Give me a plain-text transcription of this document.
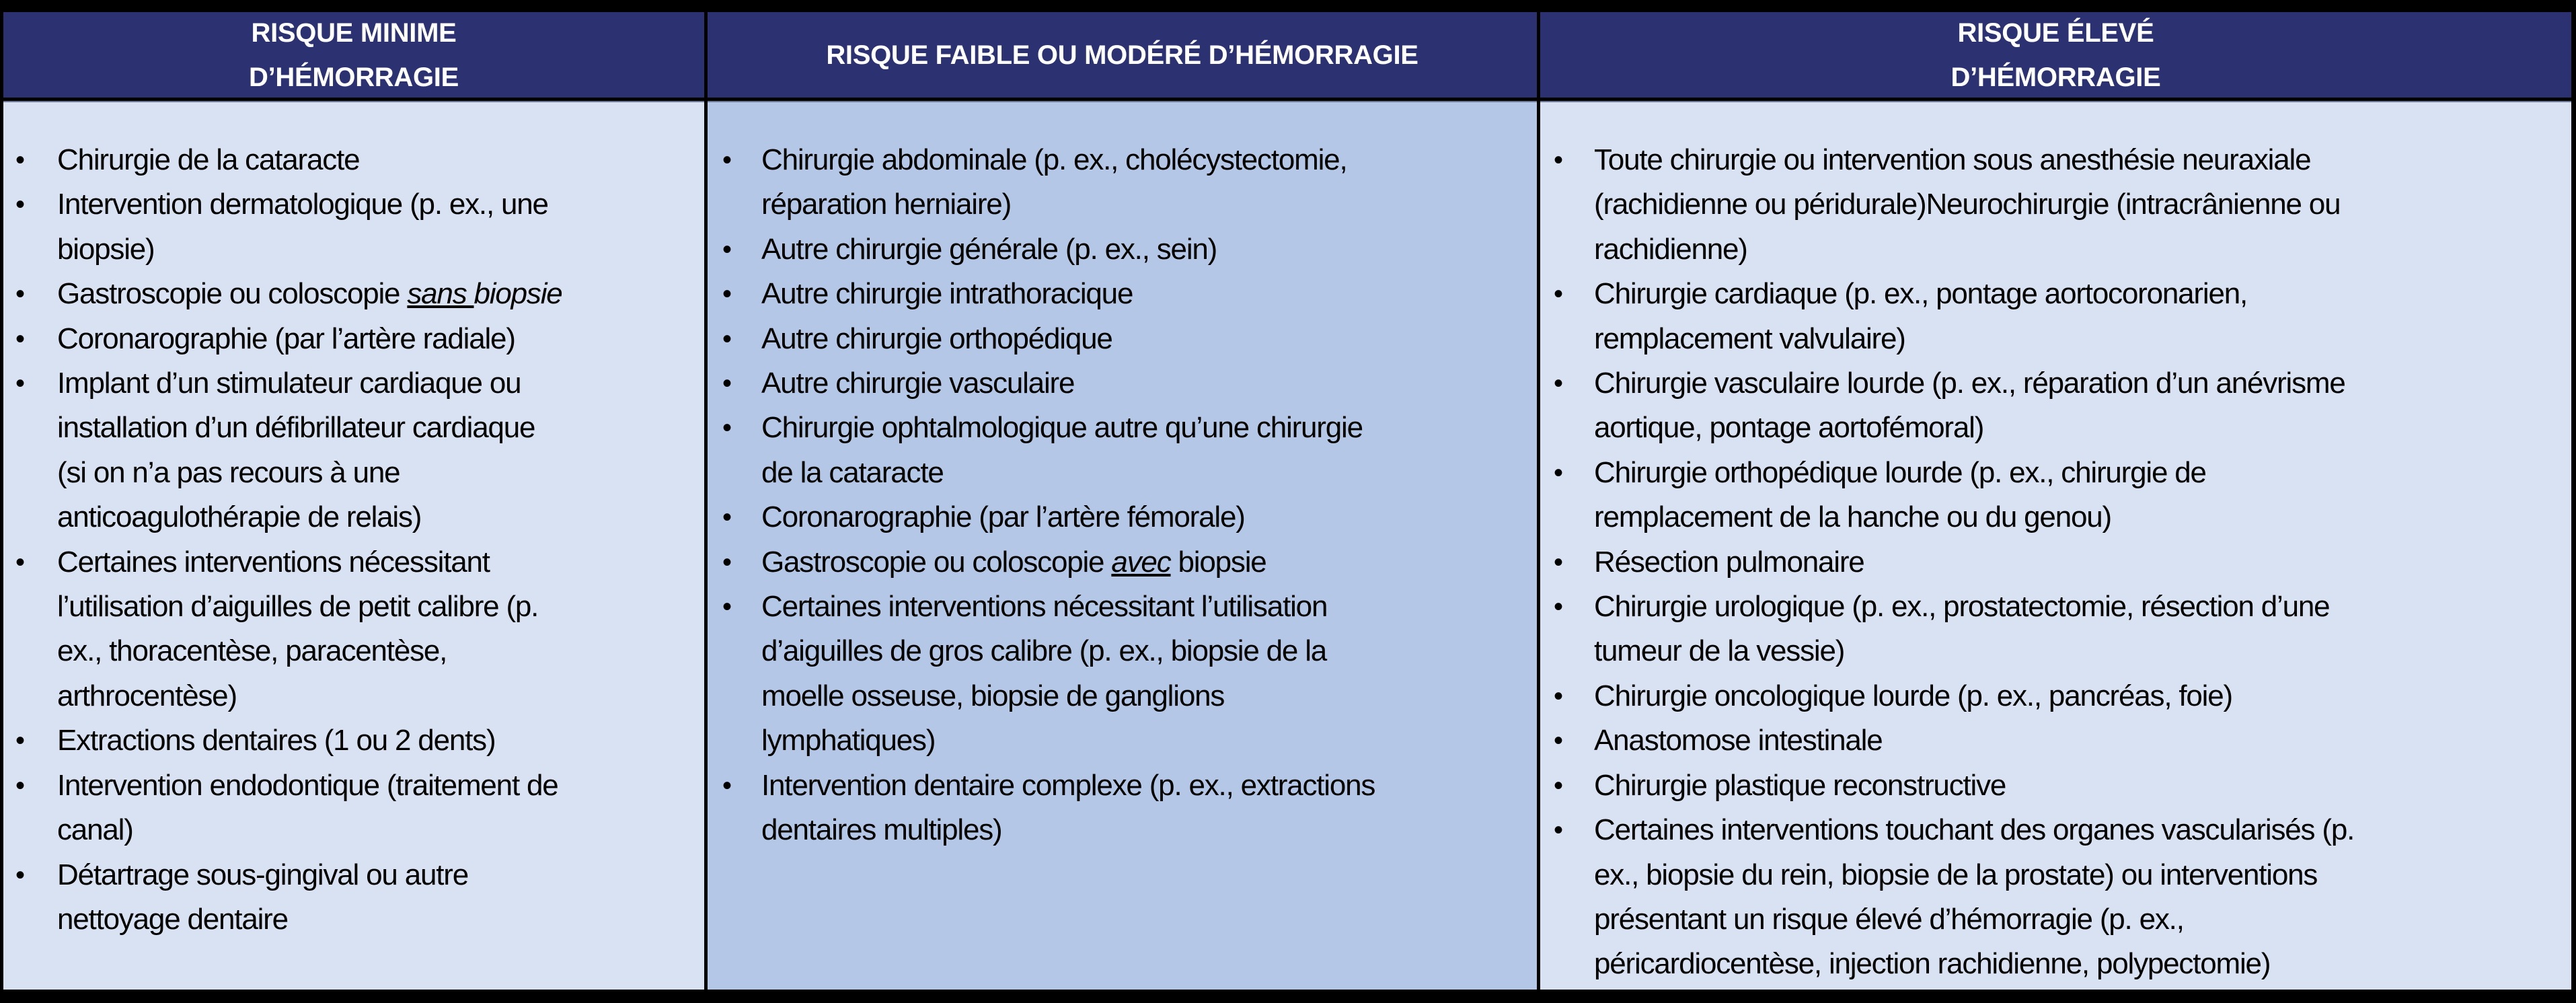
RISQUE MINIME
D’HÉMORRAGIE
• Chirurgie de la cataracte
• Intervention dermatologique (p. ex., une
biopsie)
• Gastroscopie ou coloscopie sans biopsie
• Coronarographie (par l’artère radiale)
• Implant d’un stimulateur cardiaque ou
installation d’un défibrillateur cardiaque
(si on n’a pas recours à une
anticoagulothérapie de relais)
• Certaines interventions nécessitant
l’utilisation d’aiguilles de petit calibre (p.
ex., thoracentèse, paracentèse,
arthrocentèse)
• Extractions dentaires (1 ou 2 dents)
• Intervention endodontique (traitement de
canal)
• Détartrage sous-gingival ou autre
nettoyage dentaire
RISQUE FAIBLE OU MODÉRÉ D’HÉMORRAGIE
• Chirurgie abdominale (p. ex., cholécystectomie,
réparation herniaire)
• Autre chirurgie générale (p. ex., sein)
• Autre chirurgie intrathoracique
• Autre chirurgie orthopédique
• Autre chirurgie vasculaire
• Chirurgie ophtalmologique autre qu’une chirurgie
de la cataracte
• Coronarographie (par l’artère fémorale)
• Gastroscopie ou coloscopie avec biopsie
• Certaines interventions nécessitant l’utilisation
d’aiguilles de gros calibre (p. ex., biopsie de la
moelle osseuse, biopsie de ganglions
lymphatiques)
• Intervention dentaire complexe (p. ex., extractions
dentaires multiples)
RISQUE ÉLEVÉ
D’HÉMORRAGIE
• Toute chirurgie ou intervention sous anesthésie neuraxiale
(rachidienne ou péridurale)Neurochirurgie (intracrânienne ou
rachidienne)
• Chirurgie cardiaque (p. ex., pontage aortocoronarien,
remplacement valvulaire)
• Chirurgie vasculaire lourde (p. ex., réparation d’un anévrisme
aortique, pontage aortofémoral)
• Chirurgie orthopédique lourde (p. ex., chirurgie de
remplacement de la hanche ou du genou)
• Résection pulmonaire
• Chirurgie urologique (p. ex., prostatectomie, résection d’une
tumeur de la vessie)
• Chirurgie oncologique lourde (p. ex., pancréas, foie)
• Anastomose intestinale
• Chirurgie plastique reconstructive
• Certaines interventions touchant des organes vascularisés (p.
ex., biopsie du rein, biopsie de la prostate) ou interventions
présentant un risque élevé d’hémorragie (p. ex.,
péricardiocentèse, injection rachidienne, polypectomie)
